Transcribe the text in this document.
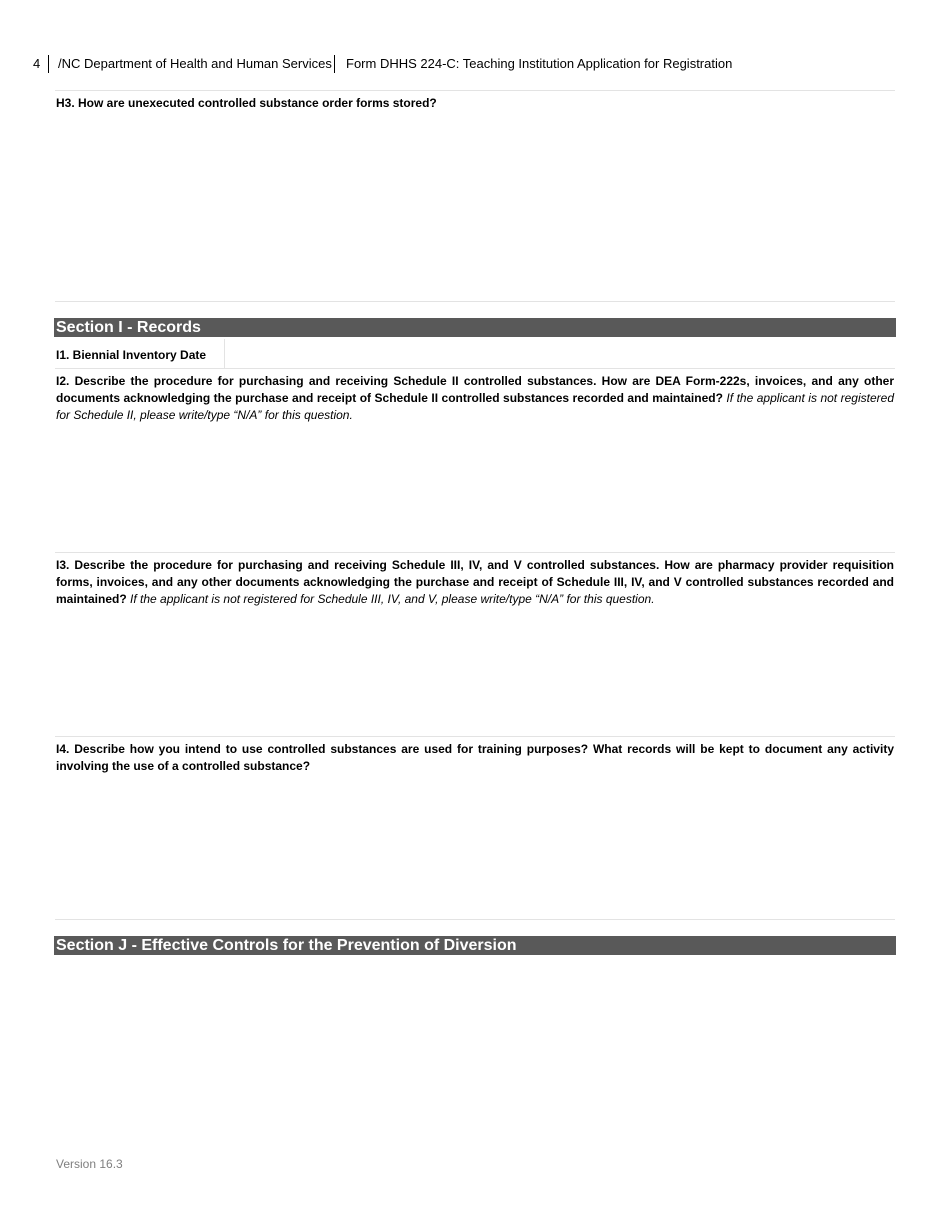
4 /NC Department of Health and Human Services Form DHHS 224-C: Teaching Institution Application for Registration
H3. How are unexecuted controlled substance order forms stored?
Section I - Records
I1. Biennial Inventory Date
I2. Describe the procedure for purchasing and receiving Schedule II controlled substances. How are DEA Form-222s, invoices, and any other documents acknowledging the purchase and receipt of Schedule II controlled substances recorded and maintained? If the applicant is not registered for Schedule II, please write/type “N/A” for this question.
I3. Describe the procedure for purchasing and receiving Schedule III, IV, and V controlled substances. How are pharmacy provider requisition forms, invoices, and any other documents acknowledging the purchase and receipt of Schedule III, IV, and V controlled substances recorded and maintained? If the applicant is not registered for Schedule III, IV, and V, please write/type “N/A” for this question.
I4. Describe how you intend to use controlled substances are used for training purposes? What records will be kept to document any activity involving the use of a controlled substance?
Section J - Effective Controls for the Prevention of Diversion
Version 16.3
